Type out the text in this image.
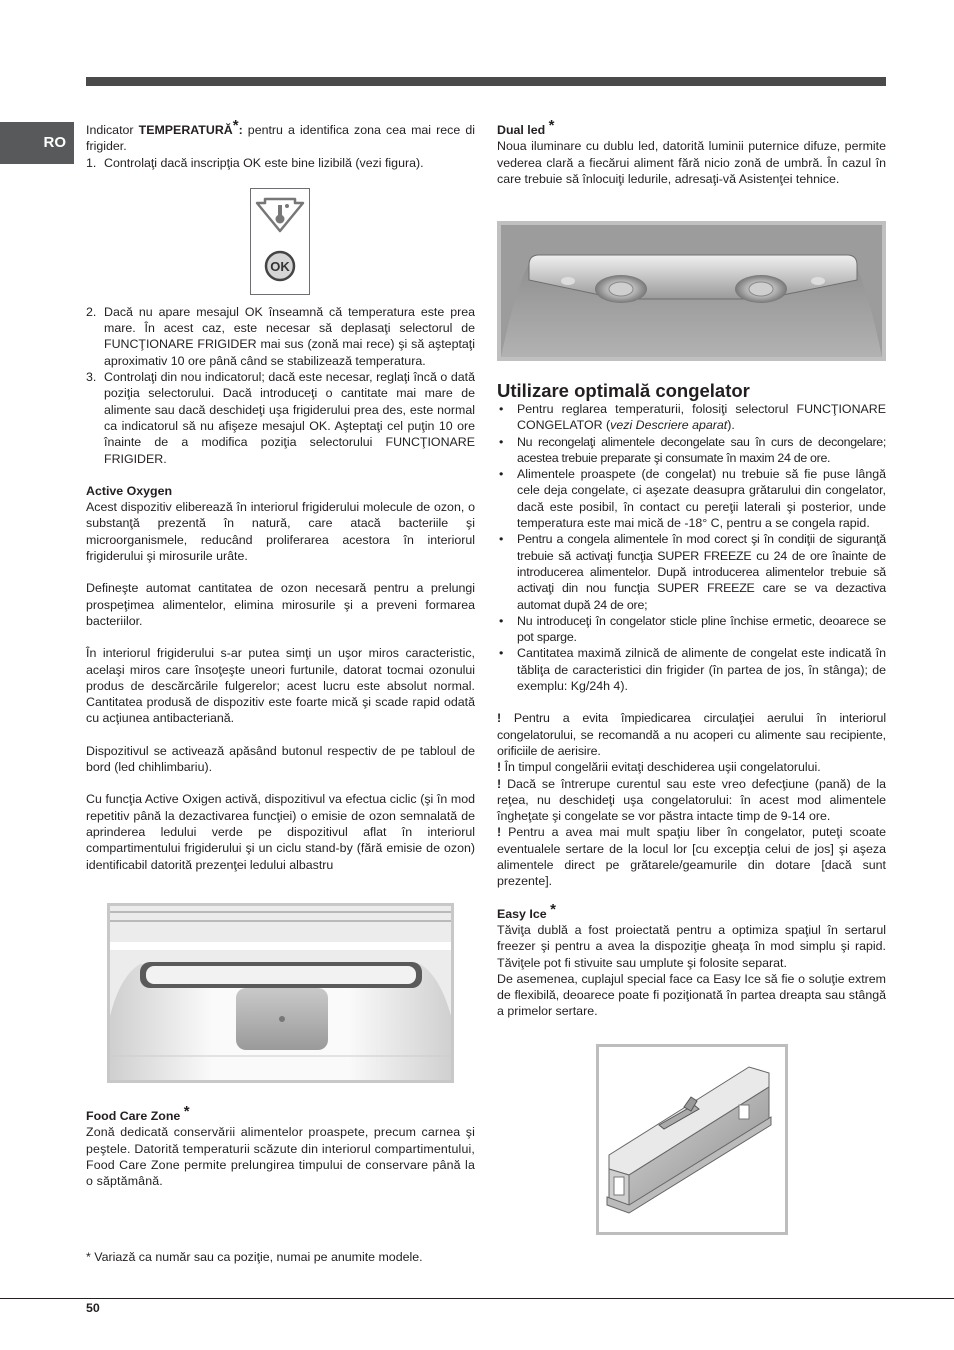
RO

Indicator TEMPERATURĂ*: pentru a identifica zona cea mai rece di frigider.

1. Controlaţi dacă inscripţia OK este bine lizibilă (vezi figura).
2. Dacă nu apare mesajul OK înseamnă că temperatura este prea mare. În acest caz, este necesar să deplasaţi selectorul de FUNCŢIONARE FRIGIDER mai sus (zonă mai rece) şi să aşteptaţi aproximativ 10 ore până când se stabilizează temperatura.
3. Controlaţi din nou indicatorul; dacă este necesar, reglaţi încă o dată poziţia selectorului. Dacă introduceţi o cantitate mai mare de alimente sau dacă deschideţi uşa frigiderului prea des, este normal ca indicatorul să nu afişeze mesajul OK. Aşteptaţi cel puţin 10 ore înainte de a modifica poziţia selectorului FUNCŢIONARE FRIGIDER.

Active Oxygen

Acest dispozitiv eliberează în interiorul frigiderului molecule de ozon, o substanţă prezentă în natură, care atacă bacteriile şi microorganismele, reducând proliferarea acestora în interiorul frigiderului şi mirosurile urâte.

Defineşte automat cantitatea de ozon necesară pentru a prelungi prospeţimea alimentelor, elimina mirosurile şi a preveni formarea bacteriilor.

În interiorul frigiderului s-ar putea simţi un uşor miros caracteristic, acelaşi miros care însoţeşte uneori furtunile, datorat tocmai ozonului produs de descărcările fulgerelor; acest lucru este absolut normal. Cantitatea produsă de dispozitiv este foarte mică şi scade rapid odată cu acţiunea antibacteriană.

Dispozitivul se activează apăsând butonul respectiv de pe tabloul de bord (led chihlimbariu).

Cu funcţia Active Oxigen activă, dispozitivul va efectua ciclic (şi în mod repetitiv până la dezactivarea funcţiei) o emisie de ozon semnalată de aprinderea ledului verde pe dispozitivul aflat în interiorul compartimentului frigiderului şi un ciclu stand-by (fără emisie de ozon) identificabil datorită prezenţei ledului albastru

OK

Food Care Zone *

Zonă dedicată conservării alimentelor proaspete, precum carnea şi peştele. Datorită temperaturii scăzute din interiorul compartimentului, Food Care Zone permite prelungirea timpului de conservare până la o săptămână.

* Variază ca număr sau ca poziţie, numai pe anumite modele.

Dual led *

Noua iluminare cu dublu led, datorită luminii puternice difuze, permite vederea clară a fiecărui aliment fără nicio zonă de umbră. În cazul în care trebuie să înlocuiţi ledurile, adresaţi-vă Asistenţei tehnice.

Utilizare optimală congelator

•	Pentru reglarea temperaturii, folosiţi selectorul FUNCŢIONARE CONGELATOR (vezi Descriere aparat).
•	Nu recongelaţi alimentele decongelate sau în curs de decongelare; acestea trebuie preparate şi consumate în maxim 24 de ore.
•	Alimentele proaspete (de congelat) nu trebuie să fie puse lângă cele deja congelate, ci aşezate deasupra grătarului din congelator, dacă este posibil, în contact cu pereţii laterali şi posterior, unde temperatura este mai mică de -18° C, pentru a se congela rapid.
•	Pentru a congela alimentele în mod corect şi în condiţii de siguranţă trebuie să activaţi funcţia SUPER FREEZE cu 24 de ore înainte de introducerea alimentelor. După introducerea alimentelor trebuie să activaţi din nou funcţia SUPER FREEZE care se va dezactiva automat după 24 de ore;
•	Nu introduceţi în congelator sticle pline închise ermetic, deoarece se pot sparge.
•	Cantitatea maximă zilnică de alimente de congelat este indicată în tăbliţa de caracteristici din frigider (în partea de jos, în stânga); de exemplu: Kg/24h 4).

! Pentru a evita împiedicarea circulaţiei aerului în interiorul congelatorului, se recomandă a nu acoperi cu alimente sau recipiente, orificiile de aerisire.

! În timpul congelării evitaţi deschiderea uşii congelatorului.

! Dacă se întrerupe curentul sau este vreo defecţiune (pană) de la reţea, nu deschideţi uşa congelatorului: în acest mod alimentele îngheţate şi congelate se vor păstra intacte timp de 9-14 ore.

! Pentru a avea mai mult spaţiu liber în congelator, puteţi scoate eventualele sertare de la locul lor [cu excepţia celui de jos] şi aşeza alimentele direct pe grătarele/geamurile din dotare [dacă sunt prezente].

Easy Ice *

Tăviţa dublă a fost proiectată pentru a optimiza spaţiul în sertarul freezer şi pentru a avea la dispoziţie gheaţa în mod simplu şi rapid. Tăviţele pot fi stivuite sau umplute şi folosite separat.

De asemenea, cuplajul special face ca Easy Ice să fie o soluţie extrem de flexibilă, deoarece poate fi poziţionată în partea dreapta sau stângă a primelor sertare.

50
